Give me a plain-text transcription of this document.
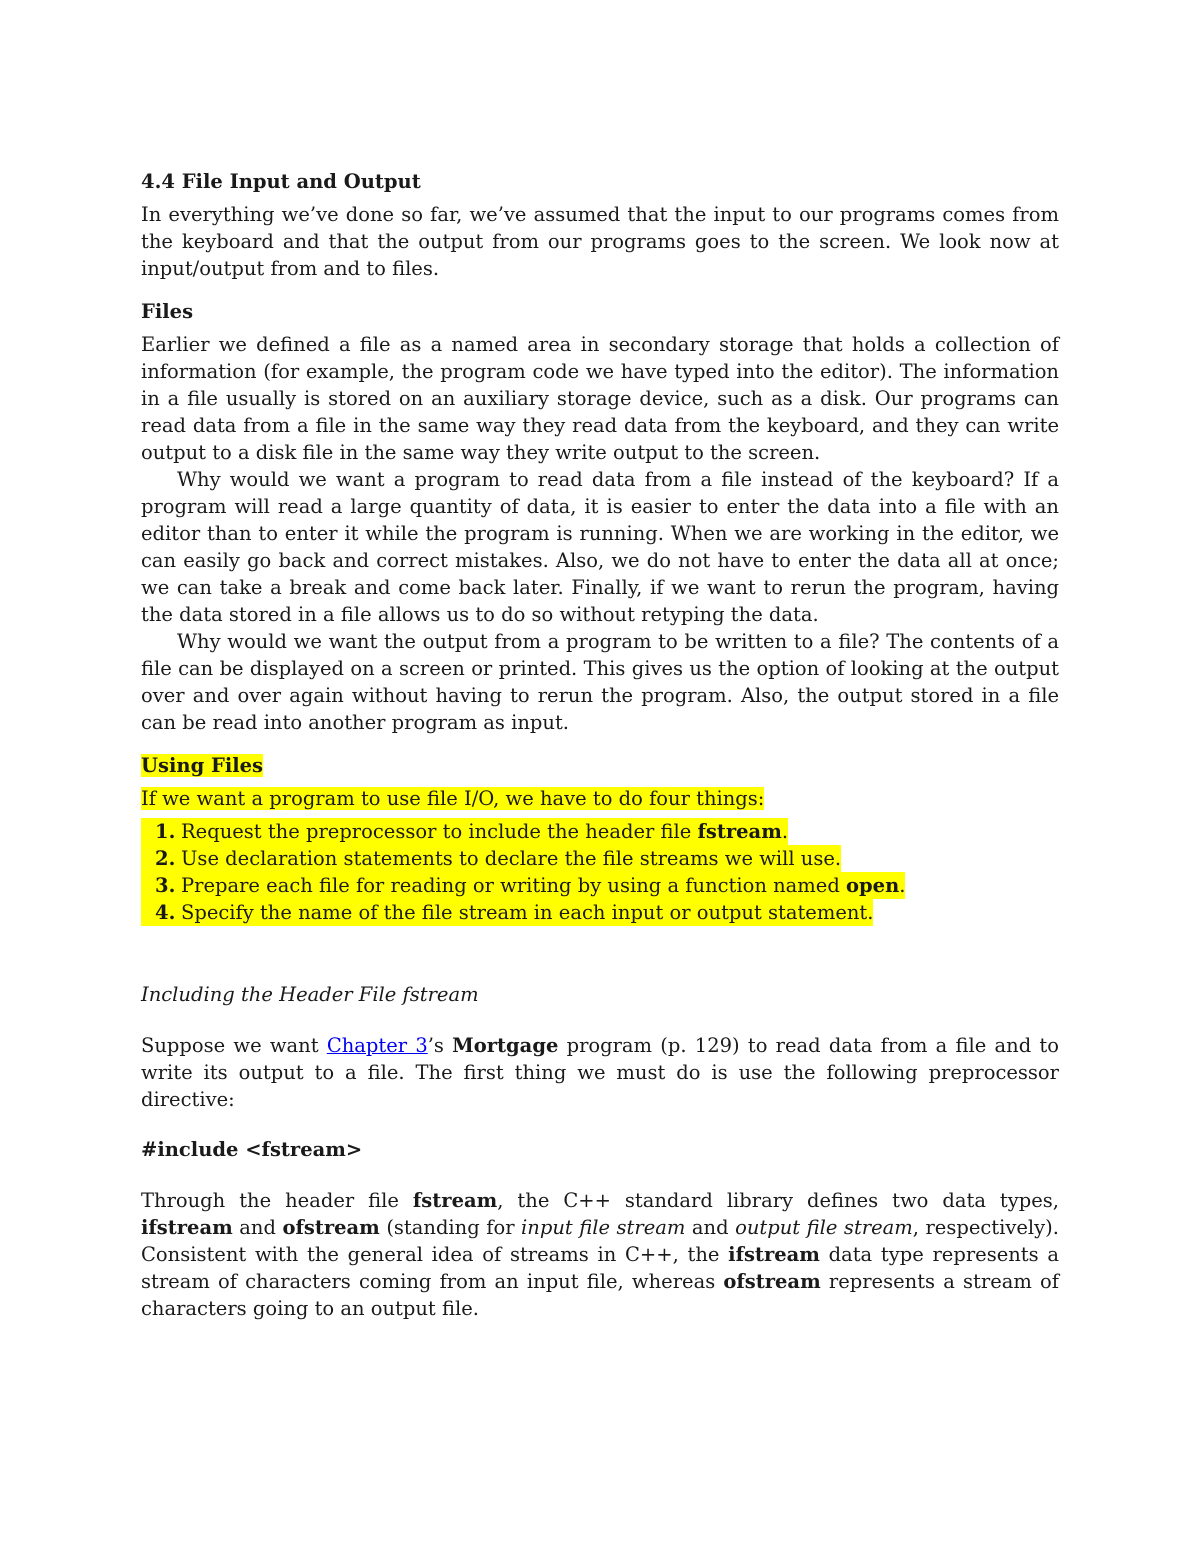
4.4 File Input and Output

In everything we’ve done so far, we’ve assumed that the input to our programs comes from the keyboard and that the output from our programs goes to the screen. We look now at input/output from and to files.

Files

Earlier we defined a file as a named area in secondary storage that holds a collection of information (for example, the program code we have typed into the editor). The information in a file usually is stored on an auxiliary storage device, such as a disk. Our programs can read data from a file in the same way they read data from the keyboard, and they can write output to a disk file in the same way they write output to the screen.

Why would we want a program to read data from a file instead of the keyboard? If a program will read a large quantity of data, it is easier to enter the data into a file with an editor than to enter it while the program is running. When we are working in the editor, we can easily go back and correct mistakes. Also, we do not have to enter the data all at once; we can take a break and come back later. Finally, if we want to rerun the program, having the data stored in a file allows us to do so without retyping the data.

Why would we want the output from a program to be written to a file? The contents of a file can be displayed on a screen or printed. This gives us the option of looking at the output over and over again without having to rerun the program. Also, the output stored in a file can be read into another program as input.

Using Files

If we want a program to use file I/O, we have to do four things:

1. Request the preprocessor to include the header file fstream.
2. Use declaration statements to declare the file streams we will use.
3. Prepare each file for reading or writing by using a function named open.
4. Specify the name of the file stream in each input or output statement.

Including the Header File fstream

Suppose we want Chapter 3’s Mortgage program (p. 129) to read data from a file and to write its output to a file. The first thing we must do is use the following preprocessor directive:

#include <fstream>

Through the header file fstream, the C++ standard library defines two data types, ifstream and ofstream (standing for input file stream and output file stream, respectively). Consistent with the general idea of streams in C++, the ifstream data type represents a stream of characters coming from an input file, whereas ofstream represents a stream of characters going to an output file.
